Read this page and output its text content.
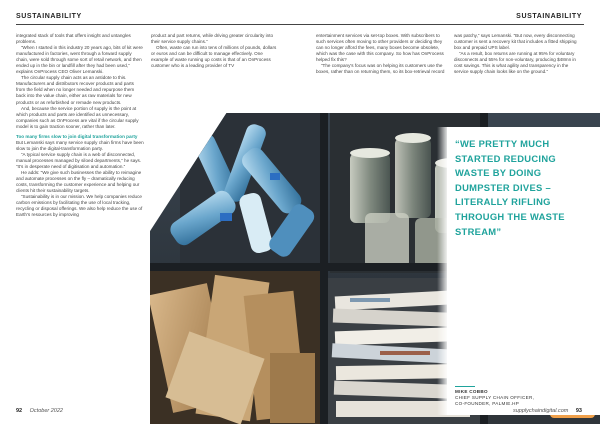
SUSTAINABILITY	SUSTAINABILITY

integrated stack of tools that offers insight and untangles problems.

“When I started in this industry 20 years ago, bits of kit were manufactured in factories, went through a forward supply chain, were sold through some sort of retail network, and then ended up in the bin or landfill after they had been used,” explains OnProcess CEO Oliver Lemanski.

The circular supply chain acts as an antidote to this. Manufacturers and distributors recover products and parts from the field when no longer needed and repurpose them back into the value chain, either as raw materials for new products or as refurbished or remade new products.

And, because the service portion of supply is the point at which products and parts are identified as unnecessary, companies such as OnProcess are vital if the circular supply model is to gain traction sooner, rather than later.

Too many firms slow to join digital transformation party

But Lemanski says many service supply chain firms have been slow to join the digital-transformation party.

“A typical service supply chain is a web of disconnected, manual processes managed by siloed departments,” he says. “It’s in desperate need of digitisation and automation.”

He adds: “We give such businesses the ability to reimagine and automate processes on the fly – dramatically reducing costs, transforming the customer experience and helping our clients hit their sustainability targets.

“Sustainability is in our mission. We help companies reduce carbon emissions by facilitating the use of local tracking, recycling or disposal offerings. We also help reduce the use of Earth’s resources by improving

product and part returns, while driving greater circularity into their service supply chains.”

Often, waste can run into tens of millions of pounds, dollars or euros and can be difficult to manage effectively. One example of waste running up costs is that of an OnProcess customer who is a leading provider of TV

entertainment services via set-top boxes. With subscribers to such services often moving to other providers or deciding they can no longer afford the fees, many boxes become obsolete, which was the case with this company. So how has OnProcess helped fix this?

“The company’s focus was on helping its customers use the boxes, rather than on returning them, so its box-retrieval record

was patchy,” says Lemanski. “But now, every disconnecting customer is sent a recovery kit that includes a fitted shipping box and prepaid UPS label.

“As a result, box returns are running at 95% for voluntary disconnects and 55% for non-voluntary, producing $48mn in cost savings. This is what agility and transparency in the service supply chain looks like on the ground.”

“WE PRETTY MUCH STARTED REDUCING WASTE BY DOING DUMPSTER DIVES – LITERALLY RIFLING THROUGH THE WASTE STREAM”
MIKE COBBO
CHIEF SUPPLY CHAIN OFFICER,
CO-FOUNDER, PALMIE.HP
92 October 2022	supplychaindigital.com 93
